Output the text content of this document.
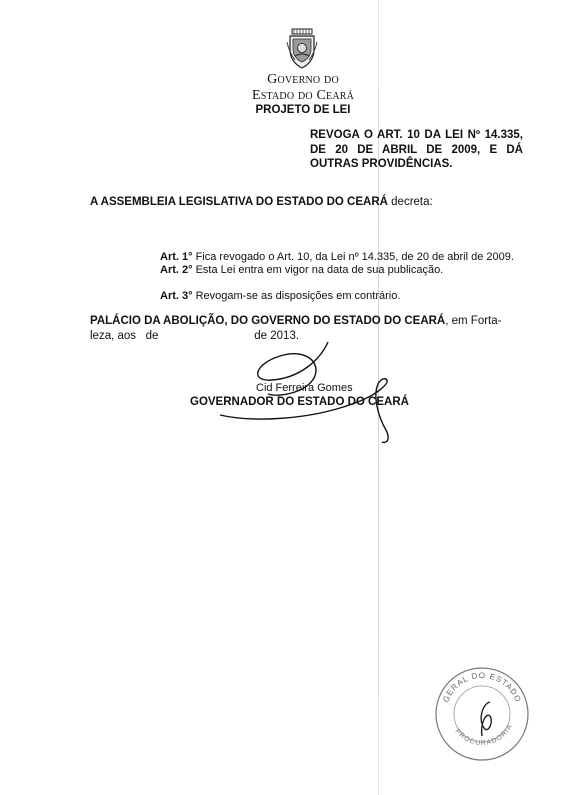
Governo do
Estado do Ceará
PROJETO DE LEI
REVOGA O ART. 10 DA LEI Nº 14.335, DE 20 DE ABRIL DE 2009, E DÁ OUTRAS PROVIDÊNCIAS.
A ASSEMBLEIA LEGISLATIVA DO ESTADO DO CEARÁ decreta:
Art. 1° Fica revogado o Art. 10, da Lei nº 14.335, de 20 de abril de 2009.
Art. 2° Esta Lei entra em vigor na data de sua publicação.
Art. 3° Revogam-se as disposições em contrário.
PALÁCIO DA ABOLIÇÃO, DO GOVERNO DO ESTADO DO CEARÁ, em Forta-
leza, aos de	de 2013.
Cid Ferreira Gomes
GOVERNADOR DO ESTADO DO CEARÁ
GERAL DO ESTADO
PROCURADORIA
